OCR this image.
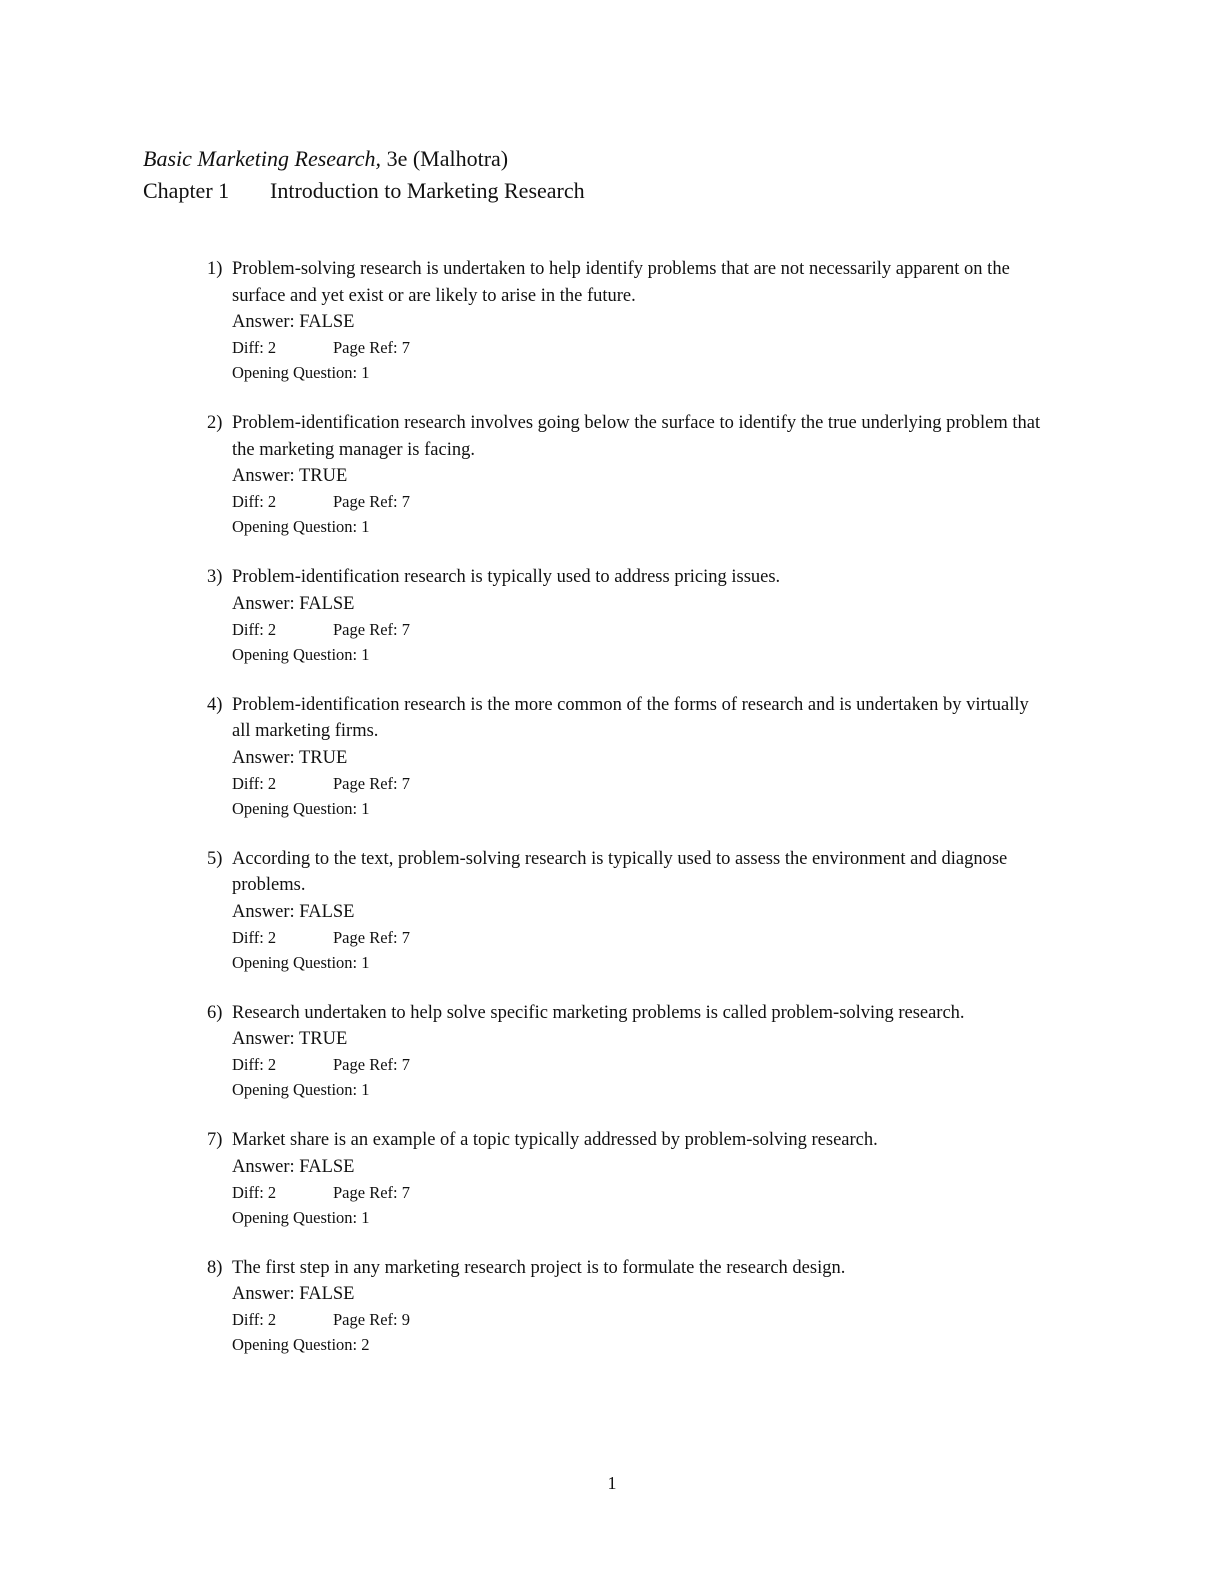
Basic Marketing Research, 3e (Malhotra)
Chapter 1 Introduction to Marketing Research
1) Problem-solving research is undertaken to help identify problems that are not necessarily apparent on the surface and yet exist or are likely to arise in the future.
Answer: FALSE
Diff: 2	Page Ref: 7
Opening Question: 1
2) Problem-identification research involves going below the surface to identify the true underlying problem that the marketing manager is facing.
Answer: TRUE
Diff: 2	Page Ref: 7
Opening Question: 1
3) Problem-identification research is typically used to address pricing issues.
Answer: FALSE
Diff: 2	Page Ref: 7
Opening Question: 1
4) Problem-identification research is the more common of the forms of research and is undertaken by virtually all marketing firms.
Answer: TRUE
Diff: 2	Page Ref: 7
Opening Question: 1
5) According to the text, problem-solving research is typically used to assess the environment and diagnose problems.
Answer: FALSE
Diff: 2	Page Ref: 7
Opening Question: 1
6) Research undertaken to help solve specific marketing problems is called problem-solving research.
Answer: TRUE
Diff: 2	Page Ref: 7
Opening Question: 1
7) Market share is an example of a topic typically addressed by problem-solving research.
Answer: FALSE
Diff: 2	Page Ref: 7
Opening Question: 1
8) The first step in any marketing research project is to formulate the research design.
Answer: FALSE
Diff: 2	Page Ref: 9
Opening Question: 2
1
